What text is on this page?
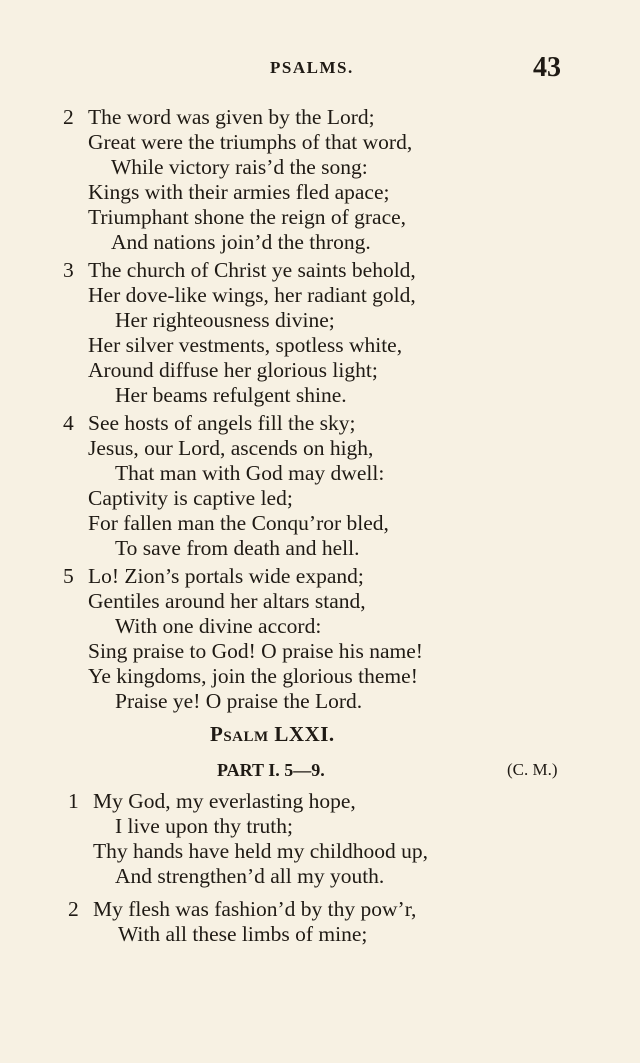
PSALMS.	43
2 The word was given by the Lord;
Great were the triumphs of that word,
While victory rais’d the song:
Kings with their armies fled apace;
Triumphant shone the reign of grace,
And nations join’d the throng.
3 The church of Christ ye saints behold,
Her dove-like wings, her radiant gold,
Her righteousness divine;
Her silver vestments, spotless white,
Around diffuse her glorious light;
Her beams refulgent shine.
4 See hosts of angels fill the sky;
Jesus, our Lord, ascends on high,
That man with God may dwell:
Captivity is captive led;
For fallen man the Conqu’ror bled,
To save from death and hell.
5 Lo! Zion’s portals wide expand;
Gentiles around her altars stand,
With one divine accord:
Sing praise to God! O praise his name!
Ye kingdoms, join the glorious theme!
Praise ye! O praise the Lord.
Psalm LXXI.
PART I. 5—9.	(C. M.)
1 My God, my everlasting hope,
I live upon thy truth;
Thy hands have held my childhood up,
And strengthen’d all my youth.
2 My flesh was fashion’d by thy pow’r,
With all these limbs of mine;
